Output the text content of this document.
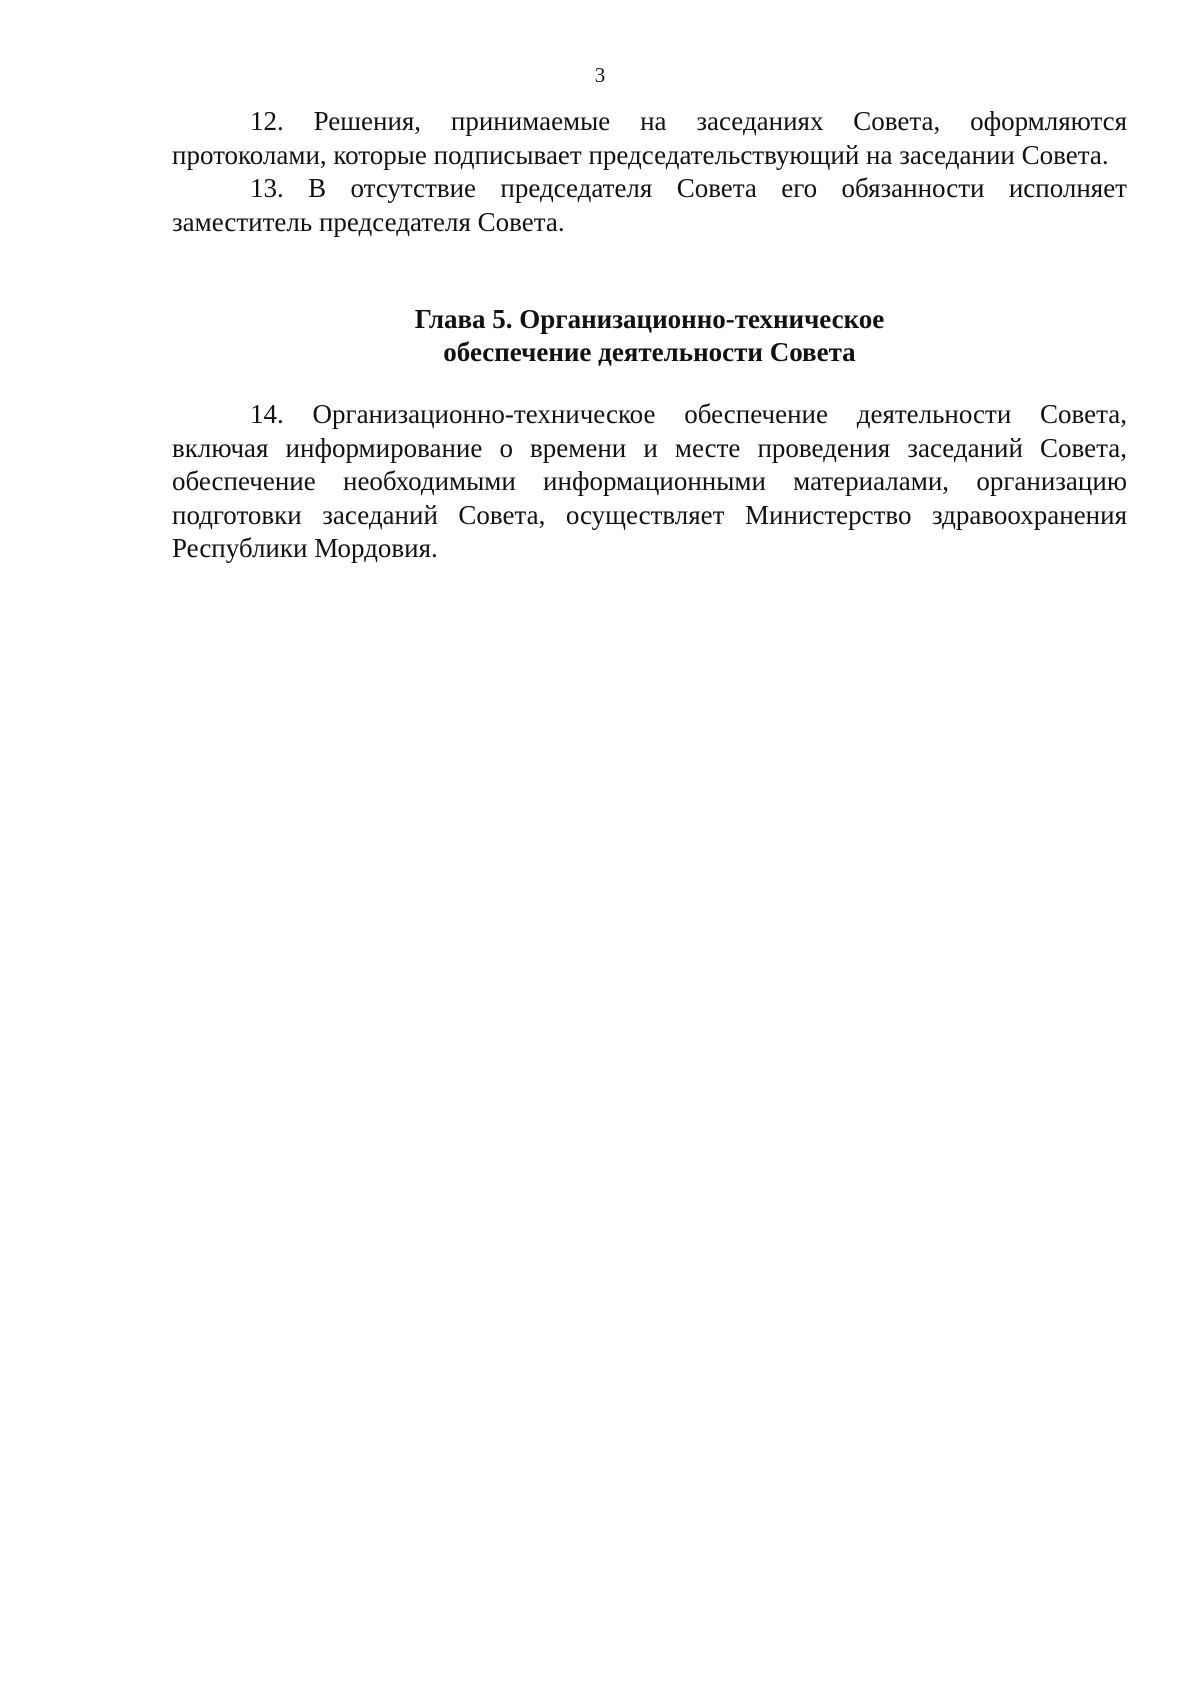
3

12. Решения, принимаемые на заседаниях Совета, оформляются протоколами, которые подписывает председательствующий на заседании Совета.

13. В отсутствие председателя Совета его обязанности исполняет заместитель председателя Совета.

Глава 5. Организационно-техническое
обеспечение деятельности Совета

14. Организационно-техническое обеспечение деятельности Совета, включая информирование о времени и месте проведения заседаний Совета, обеспечение необходимыми информационными материалами, организацию подготовки заседаний Совета, осуществляет Министерство здравоохранения Республики Мордовия.
